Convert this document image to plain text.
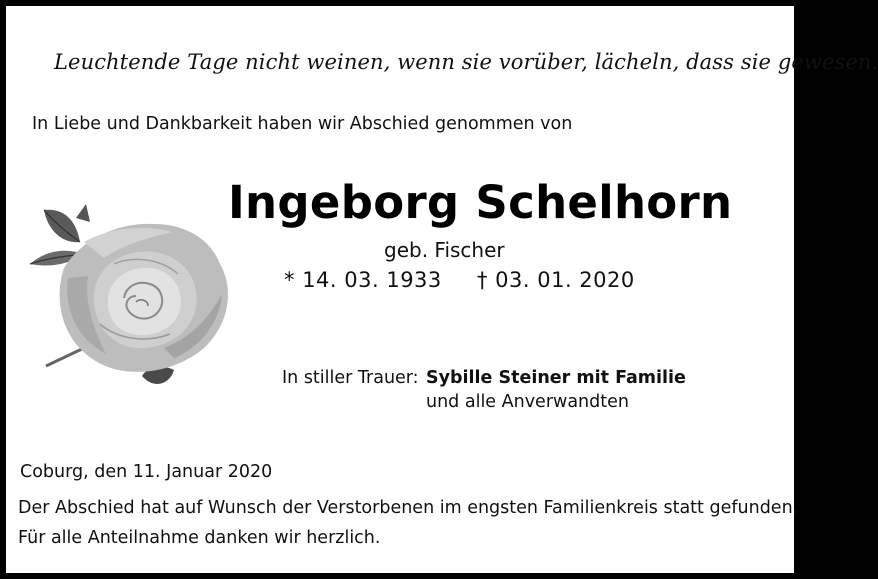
Leuchtende Tage nicht weinen, wenn sie vorüber, lächeln, dass sie gewesen.
In Liebe und Dankbarkeit haben wir Abschied genommen von
Ingeborg Schelhorn
geb. Fischer
* 14. 03. 1933 † 03. 01. 2020
In stiller Trauer: Sybille Steiner mit Familie
und alle Anverwandten
Coburg, den 11. Januar 2020
Der Abschied hat auf Wunsch der Verstorbenen im engsten Familienkreis statt gefunden.
Für alle Anteilnahme danken wir herzlich.
